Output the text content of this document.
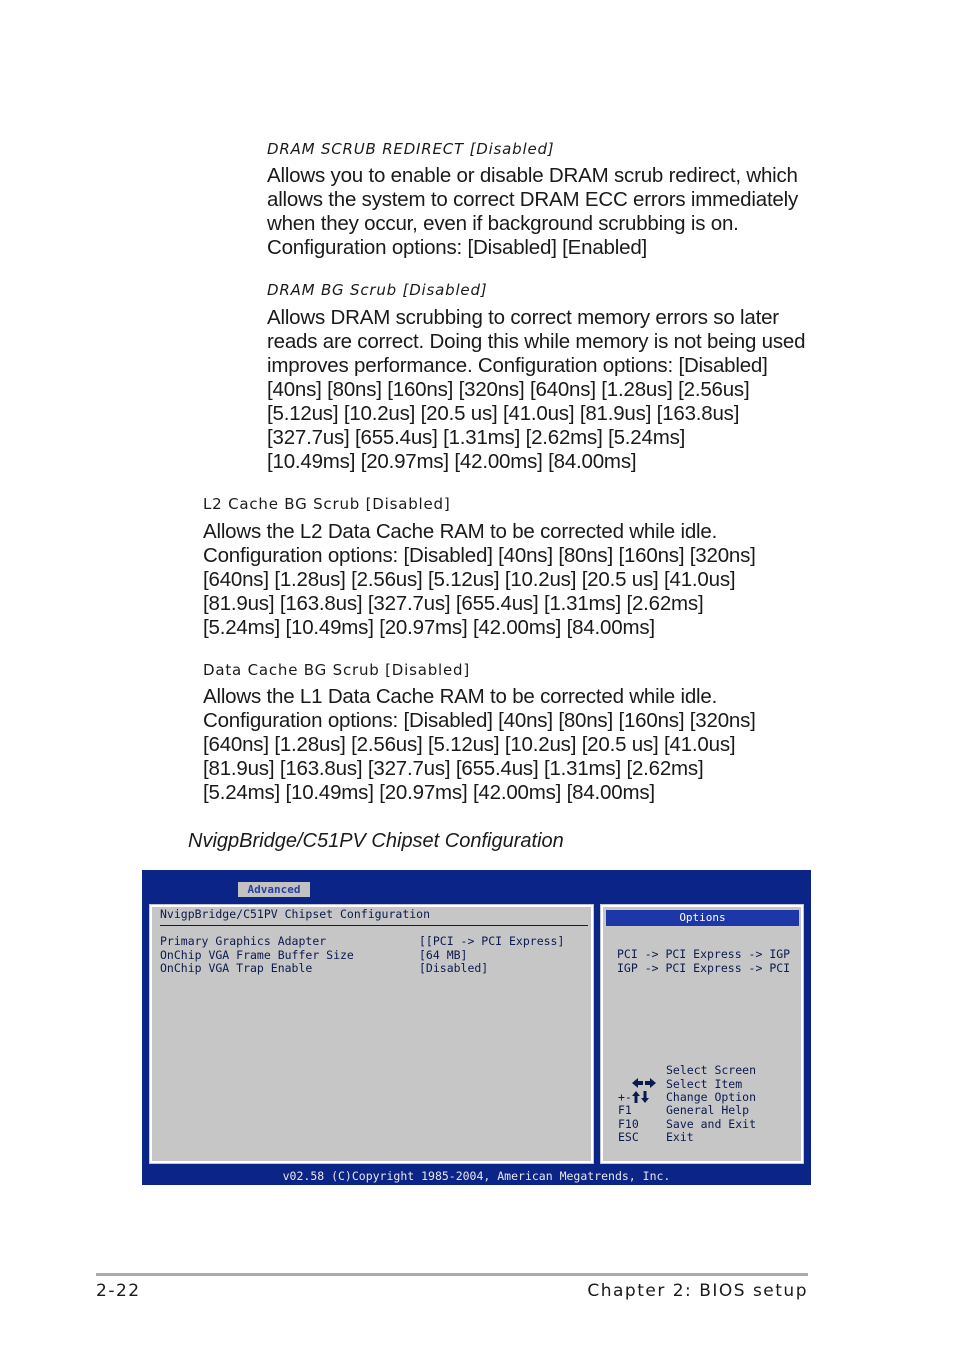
DRAM SCRUB REDIRECT [Disabled]

Allows you to enable or disable DRAM scrub redirect, which

allows the system to correct DRAM ECC errors immediately

when they occur, even if background scrubbing is on.

Configuration options: [Disabled] [Enabled]

DRAM BG Scrub [Disabled]

Allows DRAM scrubbing to correct memory errors so later

reads are correct. Doing this while memory is not being used

improves performance. Configuration options: [Disabled]

[40ns] [80ns] [160ns] [320ns] [640ns] [1.28us] [2.56us]

[5.12us] [10.2us] [20.5 us] [41.0us] [81.9us] [163.8us]

[327.7us] [655.4us] [1.31ms] [2.62ms] [5.24ms]

[10.49ms] [20.97ms] [42.00ms] [84.00ms]

L2 Cache BG Scrub [Disabled]

Allows the L2 Data Cache RAM to be corrected while idle.

Configuration options: [Disabled] [40ns] [80ns] [160ns] [320ns]

[640ns] [1.28us] [2.56us] [5.12us] [10.2us] [20.5 us] [41.0us]

[81.9us] [163.8us] [327.7us] [655.4us] [1.31ms] [2.62ms]

[5.24ms] [10.49ms] [20.97ms] [42.00ms] [84.00ms]

Data Cache BG Scrub [Disabled]

Allows the L1 Data Cache RAM to be corrected while idle.

Configuration options: [Disabled] [40ns] [80ns] [160ns] [320ns]

[640ns] [1.28us] [2.56us] [5.12us] [10.2us] [20.5 us] [41.0us]

[81.9us] [163.8us] [327.7us] [655.4us] [1.31ms] [2.62ms]

[5.24ms] [10.49ms] [20.97ms] [42.00ms] [84.00ms]

NvigpBridge/C51PV Chipset Configuration
Advanced
NvigpBridge/C51PV Chipset Configuration
Primary Graphics Adapter	[[PCI -> PCI Express]
OnChip VGA Frame Buffer Size	[64 MB]
OnChip VGA Trap Enable	[Disabled]
Options
PCI -> PCI Express -> IGP
IGP -> PCI Express -> PCI

Select Screen

Select Item
+-	Change Option
F1	General Help
F10 Save and Exit
ESC Exit
v02.58 (C)Copyright 1985-2004, American Megatrends, Inc.
2-22	Chapter 2: BIOS setup
